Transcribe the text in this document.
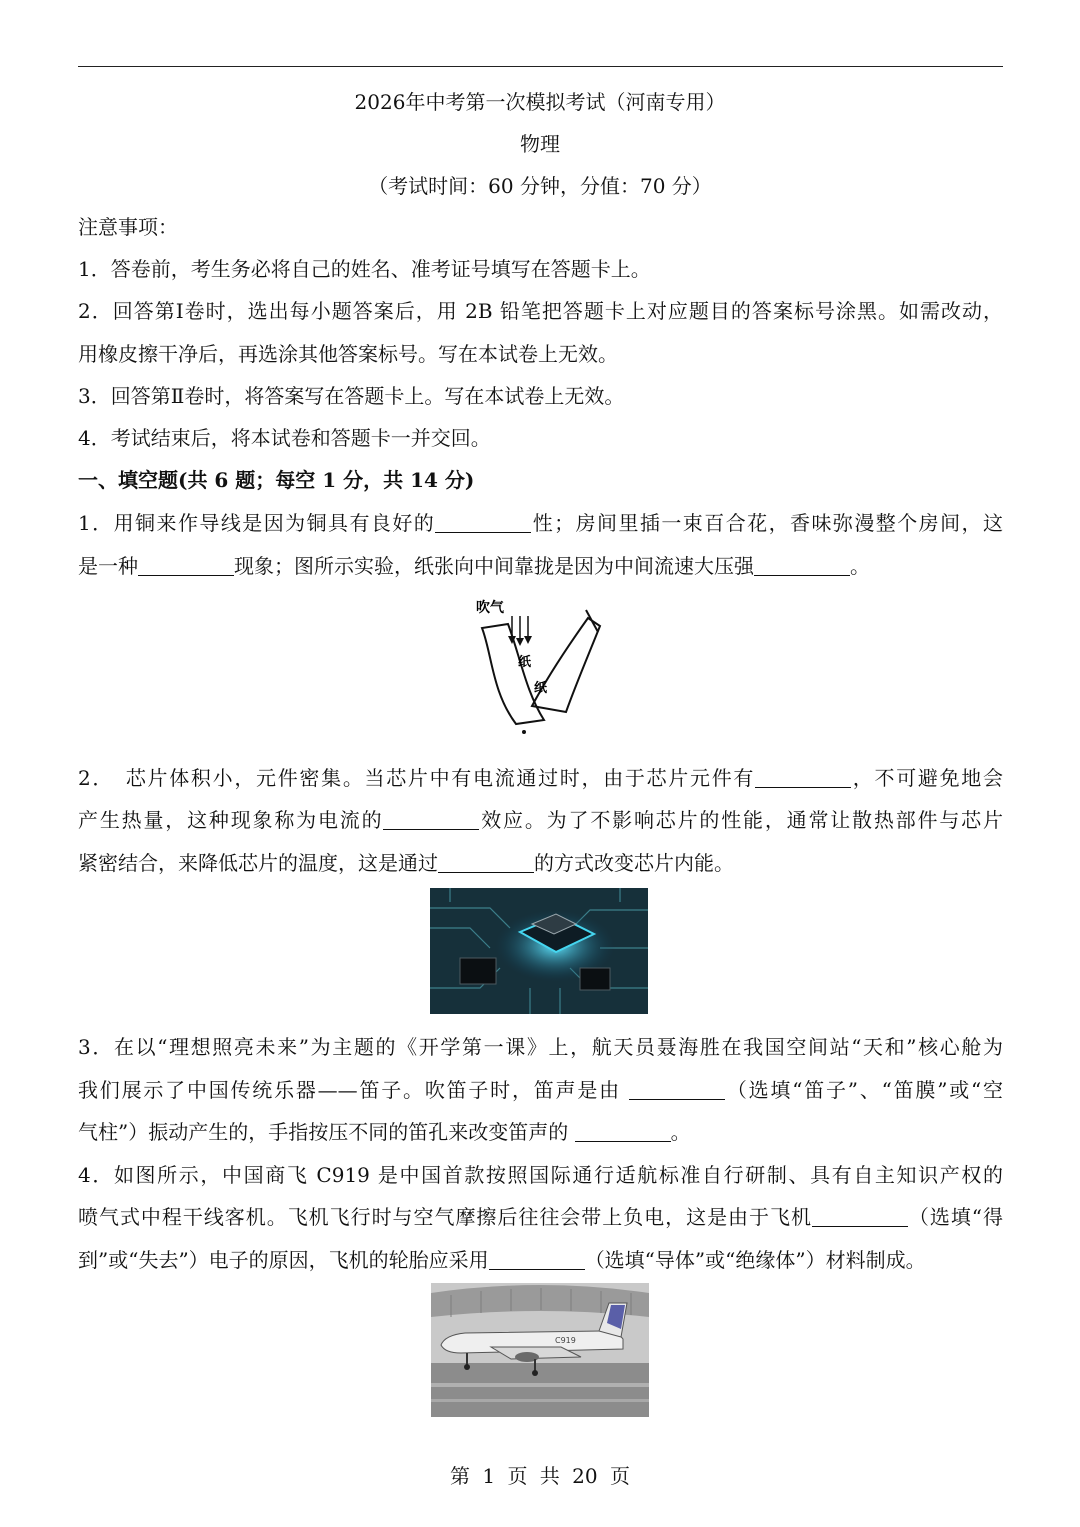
2026年中考第一次模拟考试（河南专用）
物理
（考试时间：60 分钟，分值：70 分）
注意事项：
1．答卷前，考生务必将自己的姓名、准考证号填写在答题卡上。
2．回答第Ⅰ卷时，选出每小题答案后，用 2B 铅笔把答题卡上对应题目的答案标号涂黑。如需改动，
用橡皮擦干净后，再选涂其他答案标号。写在本试卷上无效。
3．回答第Ⅱ卷时，将答案写在答题卡上。写在本试卷上无效。
4．考试结束后，将本试卷和答题卡一并交回。
一、填空题(共 6 题；每空 1 分，共 14 分)
1．用铜来作导线是因为铜具有良好的	性；房间里插一束百合花，香味弥漫整个房间，这
是一种	现象；图所示实验，纸张向中间靠拢是因为中间流速大压强	。
吹气
纸
纸
2．　芯片体积小，元件密集。当芯片中有电流通过时，由于芯片元件有	，不可避免地会
产生热量，这种现象称为电流的	效应。为了不影响芯片的性能，通常让散热部件与芯片
紧密结合，来降低芯片的温度，这是通过	的方式改变芯片内能。
3．在以“理想照亮未来”为主题的《开学第一课》上，航天员聂海胜在我国空间站“天和”核心舱为
我们展示了中国传统乐器——笛子。吹笛子时，笛声是由	（选填“笛子”、“笛膜”或“空
气柱”）振动产生的，手指按压不同的笛孔来改变笛声的	。
4．如图所示，中国商飞 C919 是中国首款按照国际通行适航标准自行研制、具有自主知识产权的
喷气式中程干线客机。飞机飞行时与空气摩擦后往往会带上负电，这是由于飞机	（选填“得
到”或“失去”）电子的原因，飞机的轮胎应采用	（选填“导体”或“绝缘体”）材料制成。
C919
第 1 页 共 20 页
